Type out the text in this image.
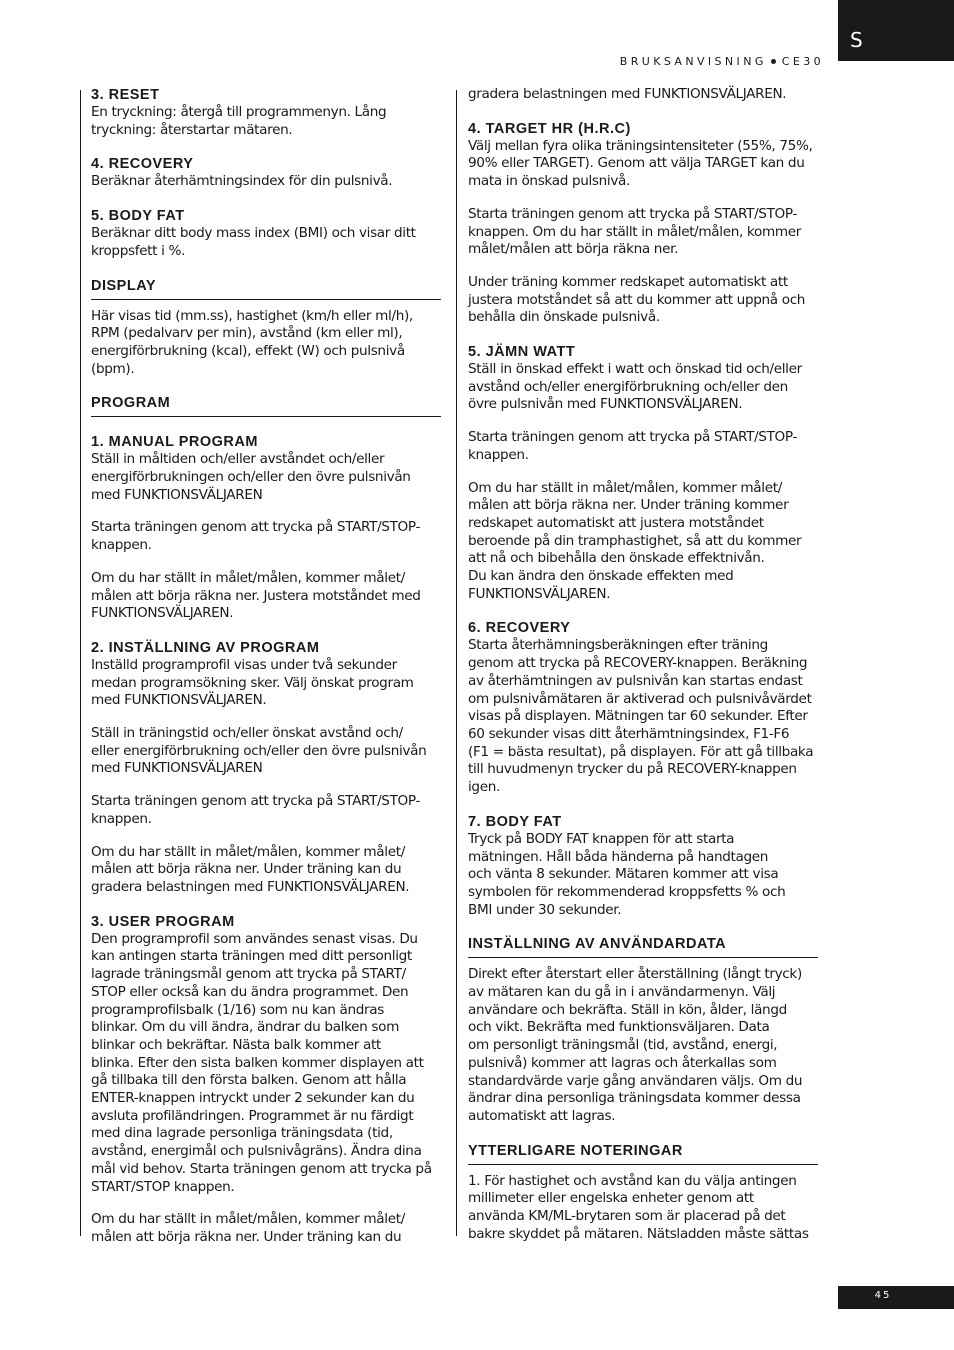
S
BRUKSANVISNING CE30
3. RESET
En tryckning: återgå till programmenyn. Lång
tryckning: återstartar mätaren.
4. RECOVERY
Beräknar återhämtningsindex för din pulsnivå.
5. BODY FAT
Beräknar ditt body mass index (BMI) och visar ditt
kroppsfett i %.
DISPLAY
Här visas tid (mm.ss), hastighet (km/h eller ml/h),
RPM (pedalvarv per min), avstånd (km eller ml),
energiförbrukning (kcal), effekt (W) och pulsnivå
(bpm).
PROGRAM
1. MANUAL PROGRAM
Ställ in måltiden och/eller avståndet och/eller
energiförbrukningen och/eller den övre pulsnivån
med FUNKTIONSVÄLJAREN
Starta träningen genom att trycka på START/STOP-
knappen.
Om du har ställt in målet/målen, kommer målet/
målen att börja räkna ner. Justera motståndet med
FUNKTIONSVÄLJAREN.
2. INSTÄLLNING AV PROGRAM
Inställd programprofil visas under två sekunder
medan programsökning sker. Välj önskat program
med FUNKTIONSVÄLJAREN.
Ställ in träningstid och/eller önskat avstånd och/
eller energiförbrukning och/eller den övre pulsnivån
med FUNKTIONSVÄLJAREN
Starta träningen genom att trycka på START/STOP-
knappen.
Om du har ställt in målet/målen, kommer målet/
målen att börja räkna ner. Under träning kan du
gradera belastningen med FUNKTIONSVÄLJAREN.
3. USER PROGRAM
Den programprofil som användes senast visas. Du
kan antingen starta träningen med ditt personligt
lagrade träningsmål genom att trycka på START/
STOP eller också kan du ändra programmet. Den
programprofilsbalk (1/16) som nu kan ändras
blinkar. Om du vill ändra, ändrar du balken som
blinkar och bekräftar. Nästa balk kommer att
blinka. Efter den sista balken kommer displayen att
gå tillbaka till den första balken. Genom att hålla
ENTER-knappen intryckt under 2 sekunder kan du
avsluta profiländringen. Programmet är nu färdigt
med dina lagrade personliga träningsdata (tid,
avstånd, energimål och pulsnivågräns). Ändra dina
mål vid behov. Starta träningen genom att trycka på
START/STOP knappen.
Om du har ställt in målet/målen, kommer målet/
målen att börja räkna ner. Under träning kan du
gradera belastningen med FUNKTIONSVÄLJAREN.
4. TARGET HR (H.R.C)
Välj mellan fyra olika träningsintensiteter (55%, 75%,
90% eller TARGET). Genom att välja TARGET kan du
mata in önskad pulsnivå.
Starta träningen genom att trycka på START/STOP-
knappen. Om du har ställt in målet/målen, kommer
målet/målen att börja räkna ner.
Under träning kommer redskapet automatiskt att
justera motståndet så att du kommer att uppnå och
behålla din önskade pulsnivå.
5. JÄMN WATT
Ställ in önskad effekt i watt och önskad tid och/eller
avstånd och/eller energiförbrukning och/eller den
övre pulsnivån med FUNKTIONSVÄLJAREN.
Starta träningen genom att trycka på START/STOP-
knappen.
Om du har ställt in målet/målen, kommer målet/
målen att börja räkna ner. Under träning kommer
redskapet automatiskt att justera motståndet
beroende på din tramphastighet, så att du kommer
att nå och bibehålla den önskade effektnivån.
Du kan ändra den önskade effekten med
FUNKTIONSVÄLJAREN.
6. RECOVERY
Starta återhämningsberäkningen efter träning
genom att trycka på RECOVERY-knappen. Beräkning
av återhämtningen av pulsnivån kan startas endast
om pulsnivåmätaren är aktiverad och pulsnivåvärdet
visas på displayen. Mätningen tar 60 sekunder. Efter
60 sekunder visas ditt återhämtningsindex, F1-F6
(F1 = bästa resultat), på displayen. För att gå tillbaka
till huvudmenyn trycker du på RECOVERY-knappen
igen.
7. BODY FAT
Tryck på BODY FAT knappen för att starta
mätningen. Håll båda händerna på handtagen
och vänta 8 sekunder. Mätaren kommer att visa
symbolen för rekommenderad kroppsfetts % och
BMI under 30 sekunder.
INSTÄLLNING AV ANVÄNDARDATA
Direkt efter återstart eller återställning (långt tryck)
av mätaren kan du gå in i användarmenyn. Välj
användare och bekräfta. Ställ in kön, ålder, längd
och vikt. Bekräfta med funktionsväljaren. Data
om personligt träningsmål (tid, avstånd, energi,
pulsnivå) kommer att lagras och återkallas som
standardvärde varje gång användaren väljs. Om du
ändrar dina personliga träningsdata kommer dessa
automatiskt att lagras.
YTTERLIGARE NOTERINGAR
1. För hastighet och avstånd kan du välja antingen
millimeter eller engelska enheter genom att
använda KM/ML-brytaren som är placerad på det
bakre skyddet på mätaren. Nätsladden måste sättas
45
